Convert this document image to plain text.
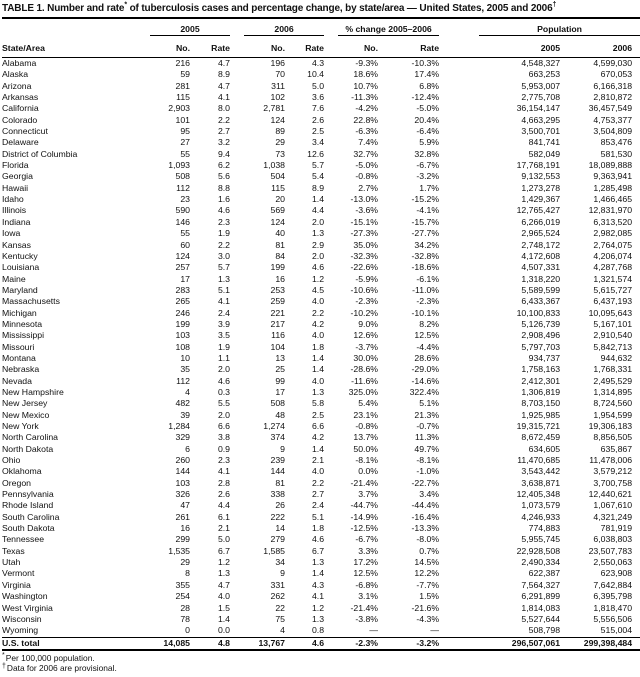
TABLE 1. Number and rate* of tuberculosis cases and percentage change, by state/area — United States, 2005 and 2006†
State/Area	2005			2006			% change 2005–2006			Population	
	No.	Rate		No.	Rate		No.	Rate		2005	2006
Alabama	216	4.7		196	4.3		-9.3%	-10.3%		4,548,327	4,599,030
Alaska	59	8.9		70	10.4		18.6%	17.4%		663,253	670,053
Arizona	281	4.7		311	5.0		10.7%	6.8%		5,953,007	6,166,318
Arkansas	115	4.1		102	3.6		-11.3%	-12.4%		2,775,708	2,810,872
California	2,903	8.0		2,781	7.6		-4.2%	-5.0%		36,154,147	36,457,549
Colorado	101	2.2		124	2.6		22.8%	20.4%		4,663,295	4,753,377
Connecticut	95	2.7		89	2.5		-6.3%	-6.4%		3,500,701	3,504,809
Delaware	27	3.2		29	3.4		7.4%	5.9%		841,741	853,476
District of Columbia	55	9.4		73	12.6		32.7%	32.8%		582,049	581,530
Florida	1,093	6.2		1,038	5.7		-5.0%	-6.7%		17,768,191	18,089,888
Georgia	508	5.6		504	5.4		-0.8%	-3.2%		9,132,553	9,363,941
Hawaii	112	8.8		115	8.9		2.7%	1.7%		1,273,278	1,285,498
Idaho	23	1.6		20	1.4		-13.0%	-15.2%		1,429,367	1,466,465
Illinois	590	4.6		569	4.4		-3.6%	-4.1%		12,765,427	12,831,970
Indiana	146	2.3		124	2.0		-15.1%	-15.7%		6,266,019	6,313,520
Iowa	55	1.9		40	1.3		-27.3%	-27.7%		2,965,524	2,982,085
Kansas	60	2.2		81	2.9		35.0%	34.2%		2,748,172	2,764,075
Kentucky	124	3.0		84	2.0		-32.3%	-32.8%		4,172,608	4,206,074
Louisiana	257	5.7		199	4.6		-22.6%	-18.6%		4,507,331	4,287,768
Maine	17	1.3		16	1.2		-5.9%	-6.1%		1,318,220	1,321,574
Maryland	283	5.1		253	4.5		-10.6%	-11.0%		5,589,599	5,615,727
Massachusetts	265	4.1		259	4.0		-2.3%	-2.3%		6,433,367	6,437,193
Michigan	246	2.4		221	2.2		-10.2%	-10.1%		10,100,833	10,095,643
Minnesota	199	3.9		217	4.2		9.0%	8.2%		5,126,739	5,167,101
Mississippi	103	3.5		116	4.0		12.6%	12.5%		2,908,496	2,910,540
Missouri	108	1.9		104	1.8		-3.7%	-4.4%		5,797,703	5,842,713
Montana	10	1.1		13	1.4		30.0%	28.6%		934,737	944,632
Nebraska	35	2.0		25	1.4		-28.6%	-29.0%		1,758,163	1,768,331
Nevada	112	4.6		99	4.0		-11.6%	-14.6%		2,412,301	2,495,529
New Hampshire	4	0.3		17	1.3		325.0%	322.4%		1,306,819	1,314,895
New Jersey	482	5.5		508	5.8		5.4%	5.1%		8,703,150	8,724,560
New Mexico	39	2.0		48	2.5		23.1%	21.3%		1,925,985	1,954,599
New York	1,284	6.6		1,274	6.6		-0.8%	-0.7%		19,315,721	19,306,183
North Carolina	329	3.8		374	4.2		13.7%	11.3%		8,672,459	8,856,505
North Dakota	6	0.9		9	1.4		50.0%	49.7%		634,605	635,867
Ohio	260	2.3		239	2.1		-8.1%	-8.1%		11,470,685	11,478,006
Oklahoma	144	4.1		144	4.0		0.0%	-1.0%		3,543,442	3,579,212
Oregon	103	2.8		81	2.2		-21.4%	-22.7%		3,638,871	3,700,758
Pennsylvania	326	2.6		338	2.7		3.7%	3.4%		12,405,348	12,440,621
Rhode Island	47	4.4		26	2.4		-44.7%	-44.4%		1,073,579	1,067,610
South Carolina	261	6.1		222	5.1		-14.9%	-16.4%		4,246,933	4,321,249
South Dakota	16	2.1		14	1.8		-12.5%	-13.3%		774,883	781,919
Tennessee	299	5.0		279	4.6		-6.7%	-8.0%		5,955,745	6,038,803
Texas	1,535	6.7		1,585	6.7		3.3%	0.7%		22,928,508	23,507,783
Utah	29	1.2		34	1.3		17.2%	14.5%		2,490,334	2,550,063
Vermont	8	1.3		9	1.4		12.5%	12.2%		622,387	623,908
Virginia	355	4.7		331	4.3		-6.8%	-7.7%		7,564,327	7,642,884
Washington	254	4.0		262	4.1		3.1%	1.5%		6,291,899	6,395,798
West Virginia	28	1.5		22	1.2		-21.4%	-21.6%		1,814,083	1,818,470
Wisconsin	78	1.4		75	1.3		-3.8%	-4.3%		5,527,644	5,556,506
Wyoming	0	0.0		4	0.8		—	—		508,798	515,004
U.S. total	14,085	4.8		13,767	4.6		-2.3%	-3.2%		296,507,061	299,398,484
*Per 100,000 population.
†Data for 2006 are provisional.
